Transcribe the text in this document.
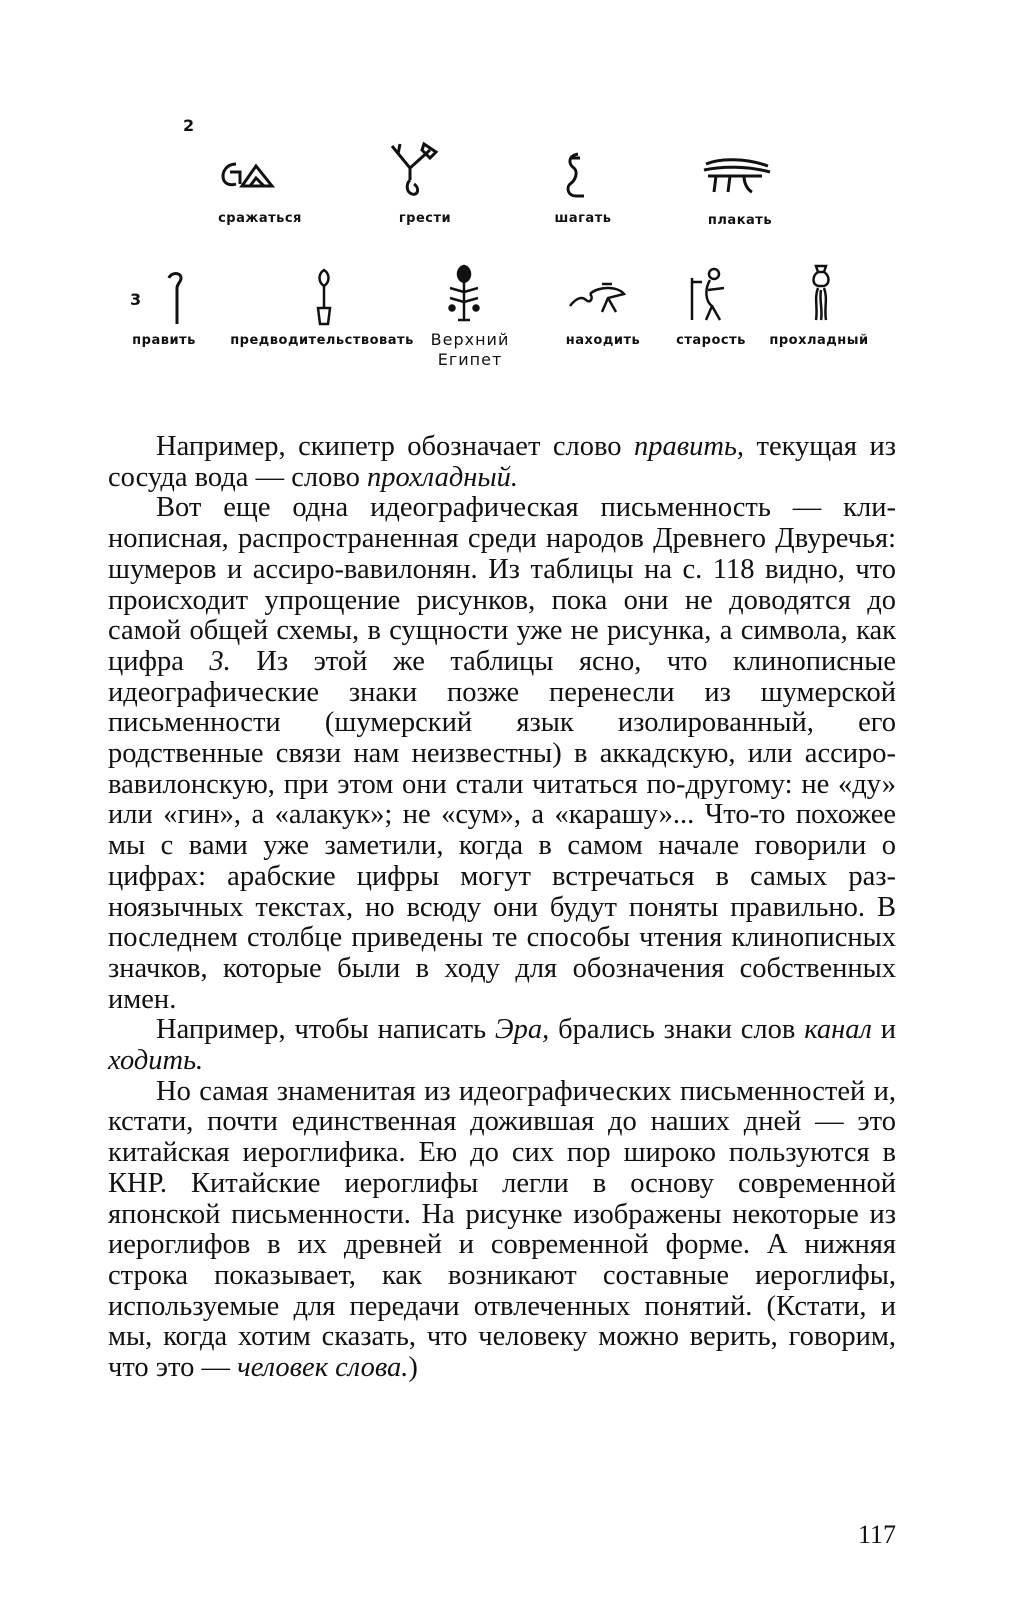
2
сражаться	грести	шагать	плакать
3
править	предводительствовать	Верхний
Египет
находить	старость	прохладный

Например, скипетр обозначает слово править, текущая из сосуда вода — слово прохладный.

Вот еще одна идеографическая письменность — клинописная, распространенная среди народов Древнего Двуречья: шумеров и ассиро-вавилонян. Из таблицы на с. 118 видно, что происходит упрощение рисунков, пока они не доводятся до самой общей схемы, в сущности уже не рисунка, а символа, как цифра 3. Из этой же таблицы ясно, что клинописные идеографические знаки позже перенесли из шумерской письменности (шумерский язык изолированный, его родственные связи нам неизвестны) в аккадскую, или ассиро-вавилонскую, при этом они стали читаться по-другому: не «ду» или «гин», а «алакук»; не «сум», а «карашу»... Что-то похожее мы с вами уже заметили, когда в самом начале говорили о цифрах: арабские цифры могут встречаться в самых разноязычных текстах, но всюду они будут поняты правильно. В последнем столбце приведены те способы чтения клинописных значков, которые были в ходу для обозначения собственных имен.

Например, чтобы написать Эра, брались знаки слов канал и ходить.

Но самая знаменитая из идеографических письменностей и, кстати, почти единственная дожившая до наших дней — это китайская иероглифика. Ею до сих пор широко пользуются в КНР. Китайские иероглифы легли в основу современной японской письменности. На рисунке изображены некоторые из иероглифов в их древней и современной форме. А нижняя строка показывает, как возникают составные иероглифы, используемые для передачи отвлеченных понятий. (Кстати, и мы, когда хотим сказать, что человеку можно верить, говорим, что это — человек слова.)

117
